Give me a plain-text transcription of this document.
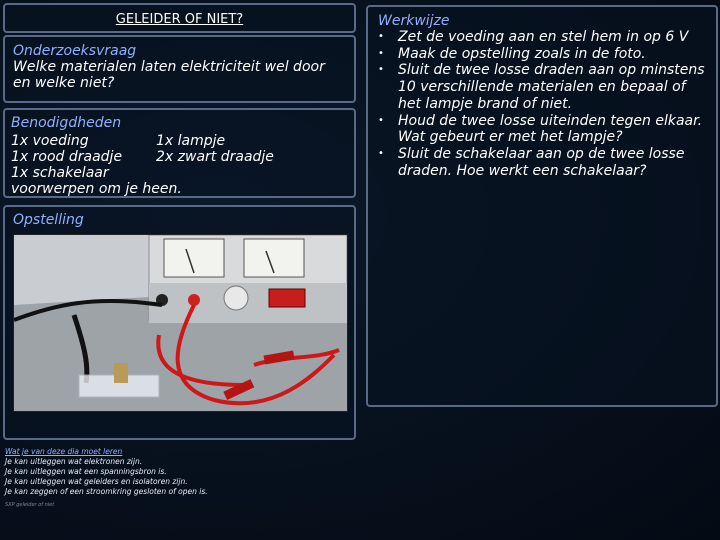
GELEIDER OF NIET?
Onderzoeksvraag
Welke materialen laten elektriciteit wel door en welke niet?
Benodigdheden
1x voeding	1x lampje
1x rood draadje	2x zwart draadje
1x schakelaar
voorwerpen om je heen.
Opstelling
Werkwijze
• Zet de voeding aan en stel hem in op 6 V
• Maak de opstelling zoals in de foto.
• Sluit de twee losse draden aan op minstens 10 verschillende materialen en bepaal of het lampje brand of niet.
• Houd de twee losse uiteinden tegen elkaar. Wat gebeurt er met het lampje?
• Sluit de schakelaar aan op de twee losse draden. Hoe werkt een schakelaar?
Wat je van deze dia moet leren
Je kan uitleggen wat elektronen zijn.
Je kan uitleggen wat een spanningsbron is.
Je kan uitleggen wat geleiders en isolatoren zijn.
Je kan zeggen of een stroomkring gesloten of open is.
SXP geleider of niet
